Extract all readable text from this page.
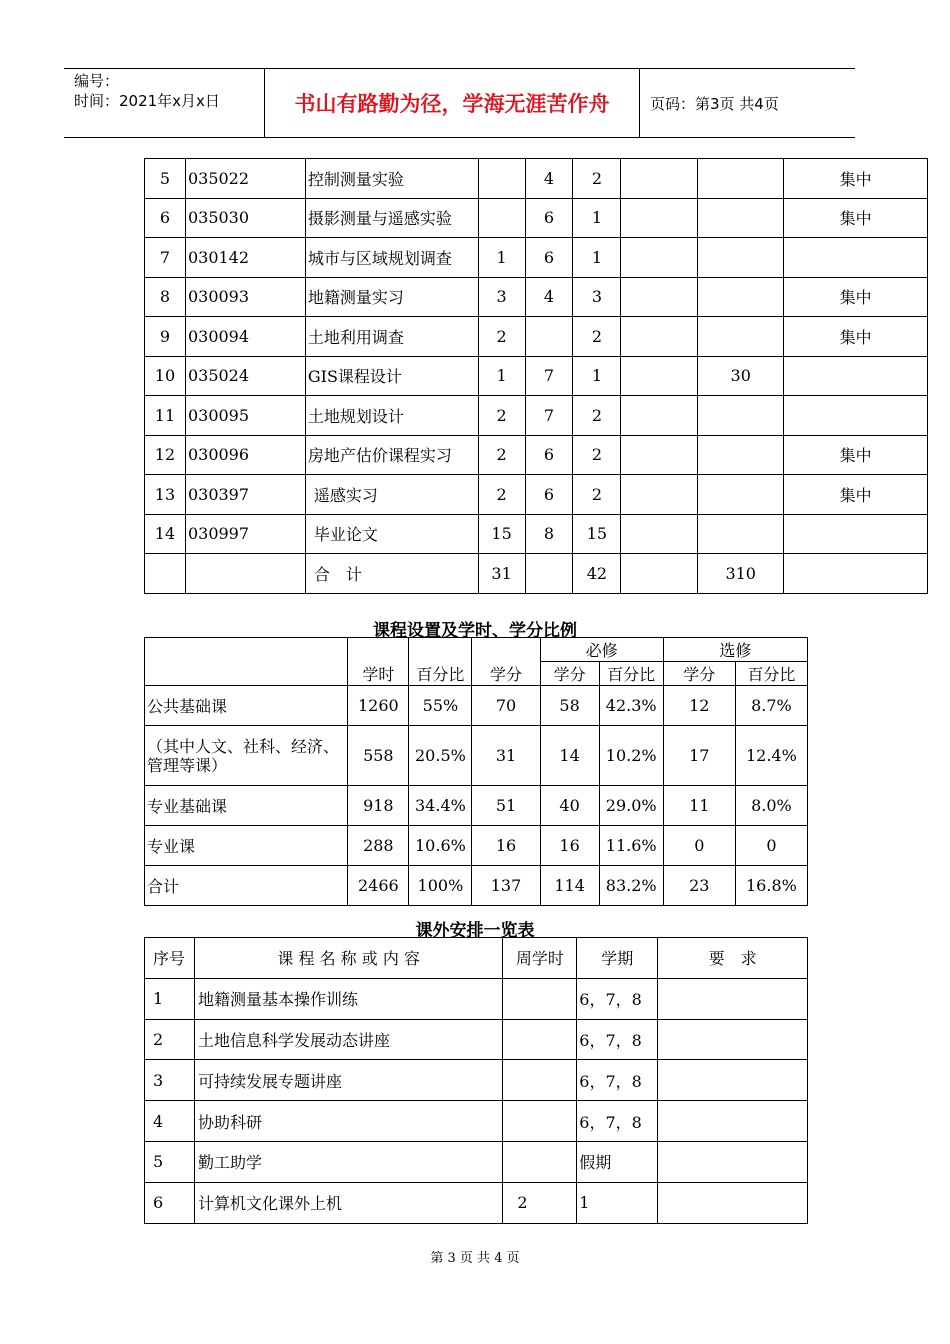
编号：
时间：2021年x月x日	书山有路勤为径，学海无涯苦作舟	页码：第3页 共4页
5	035022	控制测量实验		4	2			集中
6	035030	摄影测量与遥感实验		6	1			集中
7	030142	城市与区域规划调查	1	6	1			
8	030093	地籍测量实习	3	4	3			集中
9	030094	土地利用调查	2		2			集中
10	035024	GIS课程设计	1	7	1		30	
11	030095	土地规划设计	2	7	2			
12	030096	房地产估价课程实习	2	6	2			集中
13	030397	遥感实习	2	6	2			集中
14	030997	毕业论文	15	8	15			
		合　计	31		42		310	
课程设置及学时、学分比例
	学时	百分比	学分	必修		选修	
				学分	百分比	学分	百分比
公共基础课	1260	55%	70	58	42.3%	12	8.7%
（其中人文、社科、经济、管理等课）	558	20.5%	31	14	10.2%	17	12.4%
专业基础课	918	34.4%	51	40	29.0%	11	8.0%
专业课	288	10.6%	16	16	11.6%	0	0
合计	2466	100%	137	114	83.2%	23	16.8%
课外安排一览表
序号	课 程 名 称 或 内 容	周学时	学期	要　求
1	地籍测量基本操作训练		6，7，8	
2	土地信息科学发展动态讲座		6，7，8	
3	可持续发展专题讲座		6，7，8	
4	协助科研		6，7，8	
5	勤工助学		假期	
6	计算机文化课外上机	2	1	
第 3 页 共 4 页
